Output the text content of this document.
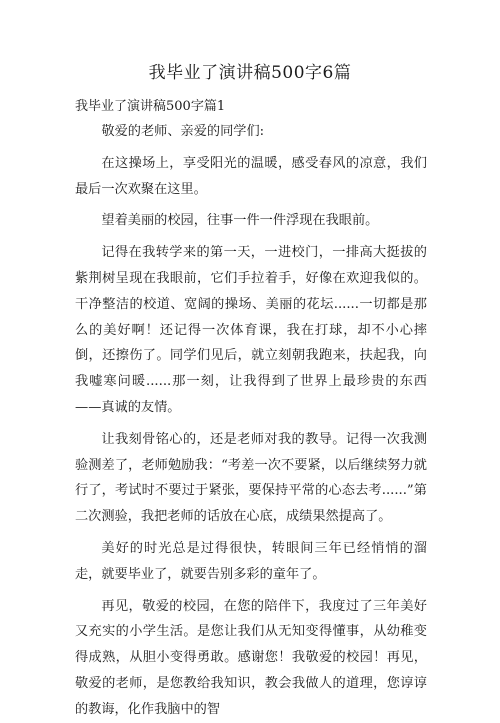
我毕业了演讲稿500字6篇
我毕业了演讲稿500字篇1

敬爱的老师、亲爱的同学们:

在这操场上，享受阳光的温暖，感受春风的凉意，我们最后一次欢聚在这里。

望着美丽的校园，往事一件一件浮现在我眼前。

记得在我转学来的第一天，一进校门，一排高大挺拔的紫荆树呈现在我眼前，它们手拉着手，好像在欢迎我似的。干净整洁的校道、宽阔的操场、美丽的花坛......一切都是那么的美好啊！还记得一次体育课，我在打球，却不小心摔倒，还擦伤了。同学们见后，就立刻朝我跑来，扶起我，向我嘘寒问暖......那一刻，让我得到了世界上最珍贵的东西——真诚的友情。

让我刻骨铭心的，还是老师对我的教导。记得一次我测验测差了，老师勉励我：“考差一次不要紧，以后继续努力就行了，考试时不要过于紧张，要保持平常的心态去考......”第二次测验，我把老师的话放在心底，成绩果然提高了。

美好的时光总是过得很快，转眼间三年已经悄悄的溜走，就要毕业了，就要告别多彩的童年了。

再见，敬爱的校园，在您的陪伴下，我度过了三年美好又充实的小学生活。是您让我们从无知变得懂事，从幼稚变得成熟，从胆小变得勇敢。感谢您！我敬爱的校园！再见，敬爱的老师，是您教给我知识，教会我做人的道理，您谆谆的教诲，化作我脑中的智
